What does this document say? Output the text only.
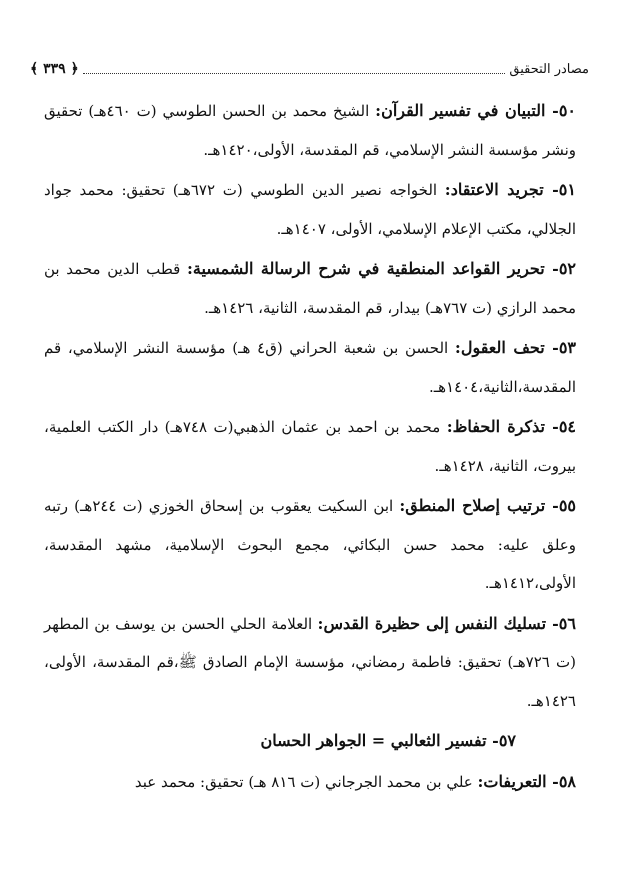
مصادر التحقيق
﴿ ٣٣٩ ﴾

٥٠- التبيان في تفسير القرآن: الشيخ محمد بن الحسن الطوسي (ت ٤٦٠هـ) تحقيق ونشر مؤسسة النشر الإسلامي، قم المقدسة، الأولى،١٤٢٠هـ.

٥١- تجريد الاعتقاد: الخواجه نصير الدين الطوسي (ت ٦٧٢هـ) تحقيق: محمد جواد الجلالي، مكتب الإعلام الإسلامي، الأولى، ١٤٠٧هـ.

٥٢- تحرير القواعد المنطقية في شرح الرسالة الشمسية: قطب الدين محمد بن محمد الرازي (ت ٧٦٧هـ) بيدار، قم المقدسة، الثانية، ١٤٢٦هـ.

٥٣- تحف العقول: الحسن بن شعبة الحراني (ق٤ هـ) مؤسسة النشر الإسلامي، قم المقدسة،الثانية،١٤٠٤هـ.

٥٤- تذكرة الحفاظ: محمد بن احمد بن عثمان الذهبي(ت ٧٤٨هـ) دار الكتب العلمية، بيروت، الثانية، ١٤٢٨هـ.

٥٥- ترتيب إصلاح المنطق: ابن السكيت يعقوب بن إسحاق الخوزي (ت ٢٤٤هـ) رتبه وعلق عليه: محمد حسن البكائي، مجمع البحوث الإسلامية، مشهد المقدسة، الأولى،١٤١٢هـ.

٥٦- تسليك النفس إلى حظيرة القدس: العلامة الحلي الحسن بن يوسف بن المطهر (ت ٧٢٦هـ) تحقيق: فاطمة رمضاني، مؤسسة الإمام الصادق ﷺ،قم المقدسة، الأولى، ١٤٢٦هـ.

٥٧- تفسير الثعالبي = الجواهر الحسان

٥٨- التعريفات: علي بن محمد الجرجاني (ت ٨١٦ هـ) تحقيق: محمد عبد
